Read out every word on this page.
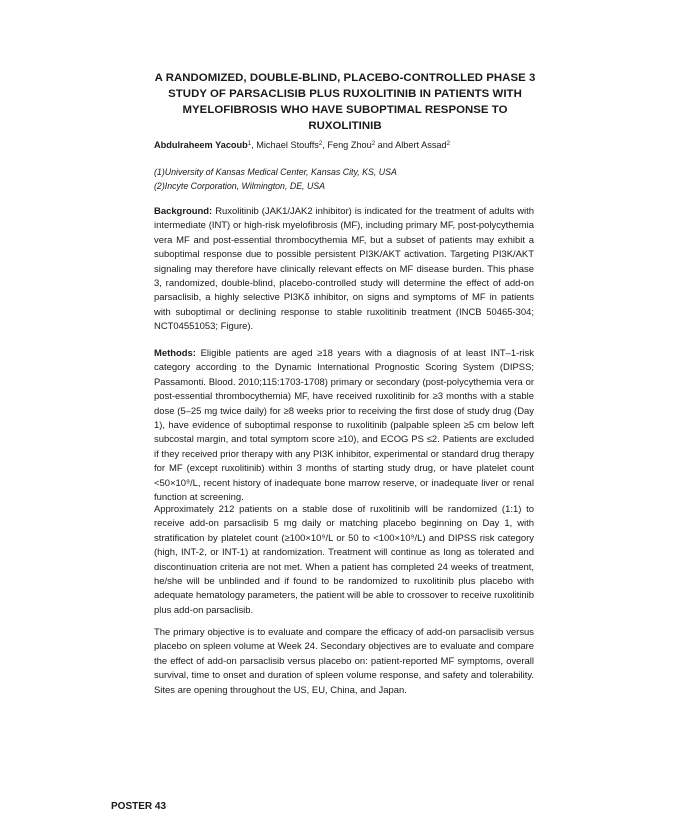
A RANDOMIZED, DOUBLE-BLIND, PLACEBO-CONTROLLED PHASE 3 STUDY OF PARSACLISIB PLUS RUXOLITINIB IN PATIENTS WITH MYELOFIBROSIS WHO HAVE SUBOPTIMAL RESPONSE TO RUXOLITINIB
Abdulraheem Yacoub$^1$, Michael Stouffs$^2$, Feng Zhou$^2$ and Albert Assad$^2$
(1)University of Kansas Medical Center, Kansas City, KS, USA
(2)Incyte Corporation, Wilmington, DE, USA

Background: Ruxolitinib (JAK1/JAK2 inhibitor) is indicated for the treatment of adults with intermediate (INT) or high-risk myelofibrosis (MF), including primary MF, post-polycythemia vera MF and post-essential thrombocythemia MF, but a subset of patients may exhibit a suboptimal response due to possible persistent PI3K/AKT activation. Targeting PI3K/AKT signaling may therefore have clinically relevant effects on MF disease burden. This phase 3, randomized, double-blind, placebo-controlled study will determine the effect of add-on parsaclisib, a highly selective PI3Kδ inhibitor, on signs and symptoms of MF in patients with suboptimal or declining response to stable ruxolitinib treatment (INCB 50465-304; NCT04551053; Figure).

Methods: Eligible patients are aged ≥18 years with a diagnosis of at least INT–1-risk category according to the Dynamic International Prognostic Scoring System (DIPSS; Passamonti. Blood. 2010;115:1703-1708) primary or secondary (post-polycythemia vera or post-essential thrombocythemia) MF, have received ruxolitinib for ≥3 months with a stable dose (5–25 mg twice daily) for ≥8 weeks prior to receiving the first dose of study drug (Day 1), have evidence of suboptimal response to ruxolitinib (palpable spleen ≥5 cm below left subcostal margin, and total symptom score ≥10), and ECOG PS ≤2. Patients are excluded if they received prior therapy with any PI3K inhibitor, experimental or standard drug therapy for MF (except ruxolitinib) within 3 months of starting study drug, or have platelet count <50×10⁹/L, recent history of inadequate bone marrow reserve, or inadequate liver or renal function at screening.

Approximately 212 patients on a stable dose of ruxolitinib will be randomized (1:1) to receive add-on parsaclisib 5 mg daily or matching placebo beginning on Day 1, with stratification by platelet count (≥100×10⁹/L or 50 to <100×10⁹/L) and DIPSS risk category (high, INT-2, or INT-1) at randomization. Treatment will continue as long as tolerated and discontinuation criteria are not met. When a patient has completed 24 weeks of treatment, he/she will be unblinded and if found to be randomized to ruxolitinib plus placebo with adequate hematology parameters, the patient will be able to crossover to receive ruxolitinib plus add-on parsaclisib.

The primary objective is to evaluate and compare the efficacy of add-on parsaclisib versus placebo on spleen volume at Week 24. Secondary objectives are to evaluate and compare the effect of add-on parsaclisib versus placebo on: patient-reported MF symptoms, overall survival, time to onset and duration of spleen volume response, and safety and tolerability. Sites are opening throughout the US, EU, China, and Japan.

POSTER 43
